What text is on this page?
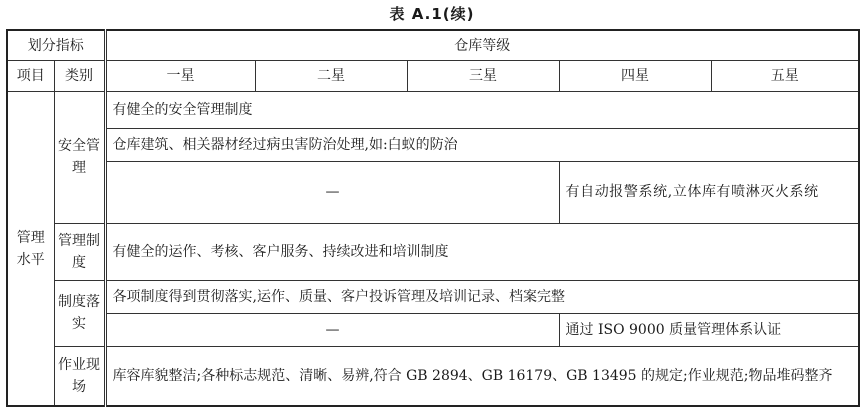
表 A.1(续)
划分指标		仓库等级				
项目	类别	一星	二星	三星	四星	五星
管理水平	安全管理	有健全的安全管理制度				
		仓库建筑、相关器材经过病虫害防治处理,如:白蚁的防治				
		—			有自动报警系统,立体库有喷淋灭火系统	
	管理制度	有健全的运作、考核、客户服务、持续改进和培训制度				
	制度落实	各项制度得到贯彻落实,运作、质量、客户投诉管理及培训记录、档案完整				
		—			通过 ISO 9000 质量管理体系认证	
	作业现场	库容库貌整洁;各种标志规范、清晰、易辨,符合 GB 2894、GB 16179、GB 13495 的规定;作业规范;物品堆码整齐				
